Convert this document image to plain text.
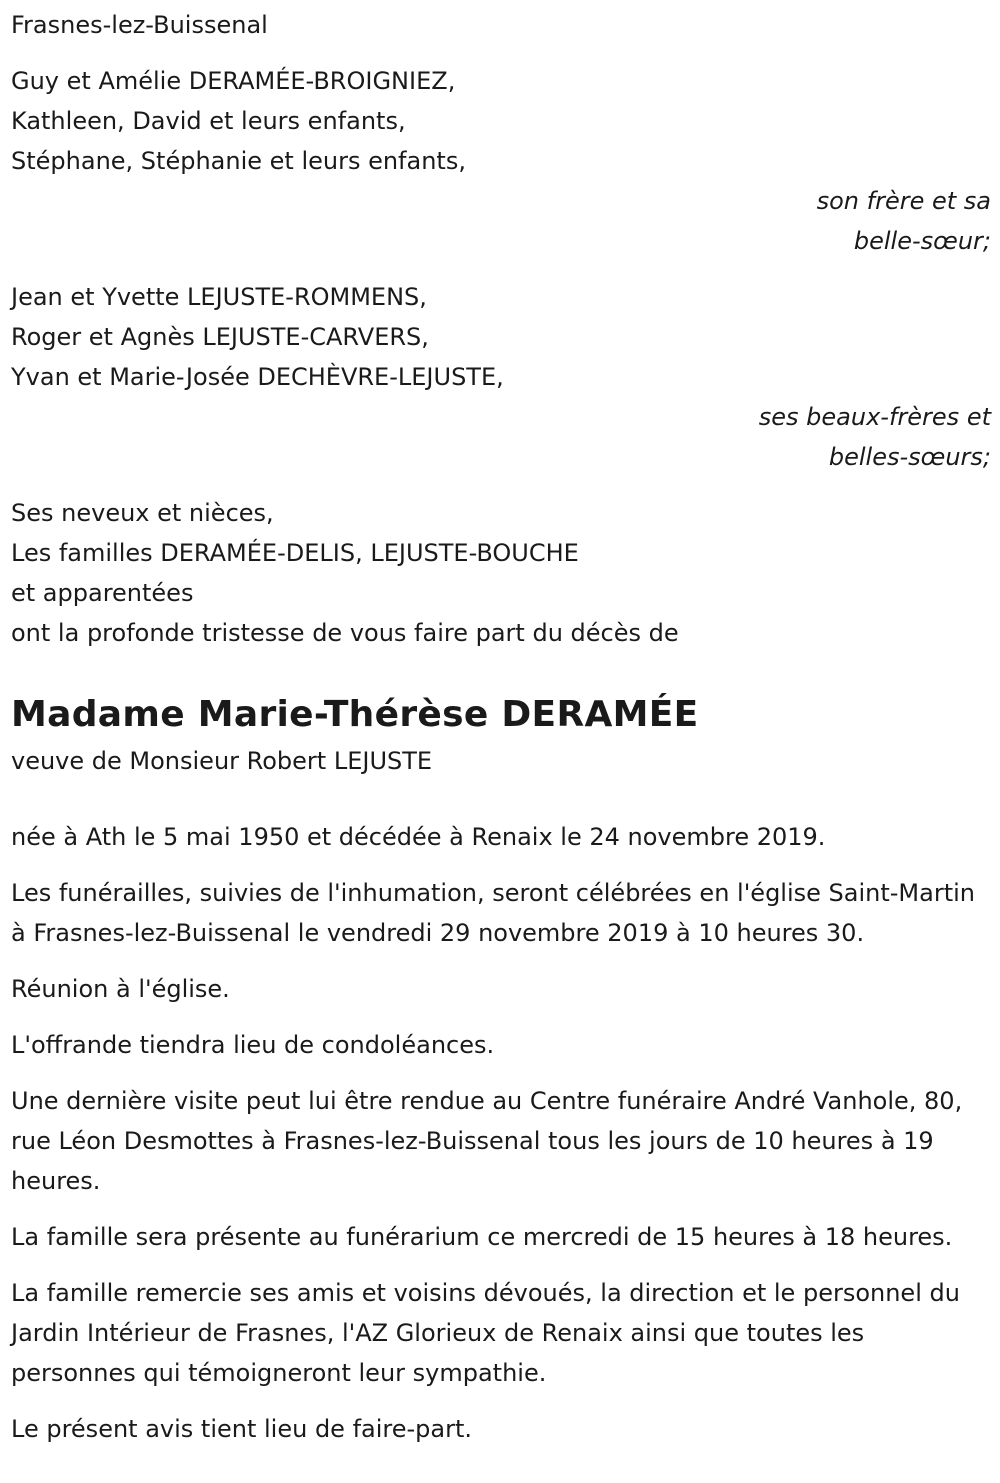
Frasnes-lez-Buissenal

Guy et Amélie DERAMÉE-BROIGNIEZ,

Kathleen, David et leurs enfants,

Stéphane, Stéphanie et leurs enfants,

son frère et sa

belle-sœur;

Jean et Yvette LEJUSTE-ROMMENS,

Roger et Agnès LEJUSTE-CARVERS,

Yvan et Marie-Josée DECHÈVRE-LEJUSTE,

ses beaux-frères et

belles-sœurs;

Ses neveux et nièces,

Les familles DERAMÉE-DELIS, LEJUSTE-BOUCHE

et apparentées

ont la profonde tristesse de vous faire part du décès de

Madame Marie-Thérèse DERAMÉE

veuve de Monsieur Robert LEJUSTE

née à Ath le 5 mai 1950 et décédée à Renaix le 24 novembre 2019.

Les funérailles, suivies de l'inhumation, seront célébrées en l'église Saint-Martin à Frasnes-lez-Buissenal le vendredi 29 novembre 2019 à 10 heures 30.

Réunion à l'église.

L'offrande tiendra lieu de condoléances.

Une dernière visite peut lui être rendue au Centre funéraire André Vanhole, 80, rue Léon Desmottes à Frasnes-lez-Buissenal tous les jours de 10 heures à 19 heures.

La famille sera présente au funérarium ce mercredi de 15 heures à 18 heures.

La famille remercie ses amis et voisins dévoués, la direction et le personnel du Jardin Intérieur de Frasnes, l'AZ Glorieux de Renaix ainsi que toutes les personnes qui témoigneront leur sympathie.

Le présent avis tient lieu de faire-part.
